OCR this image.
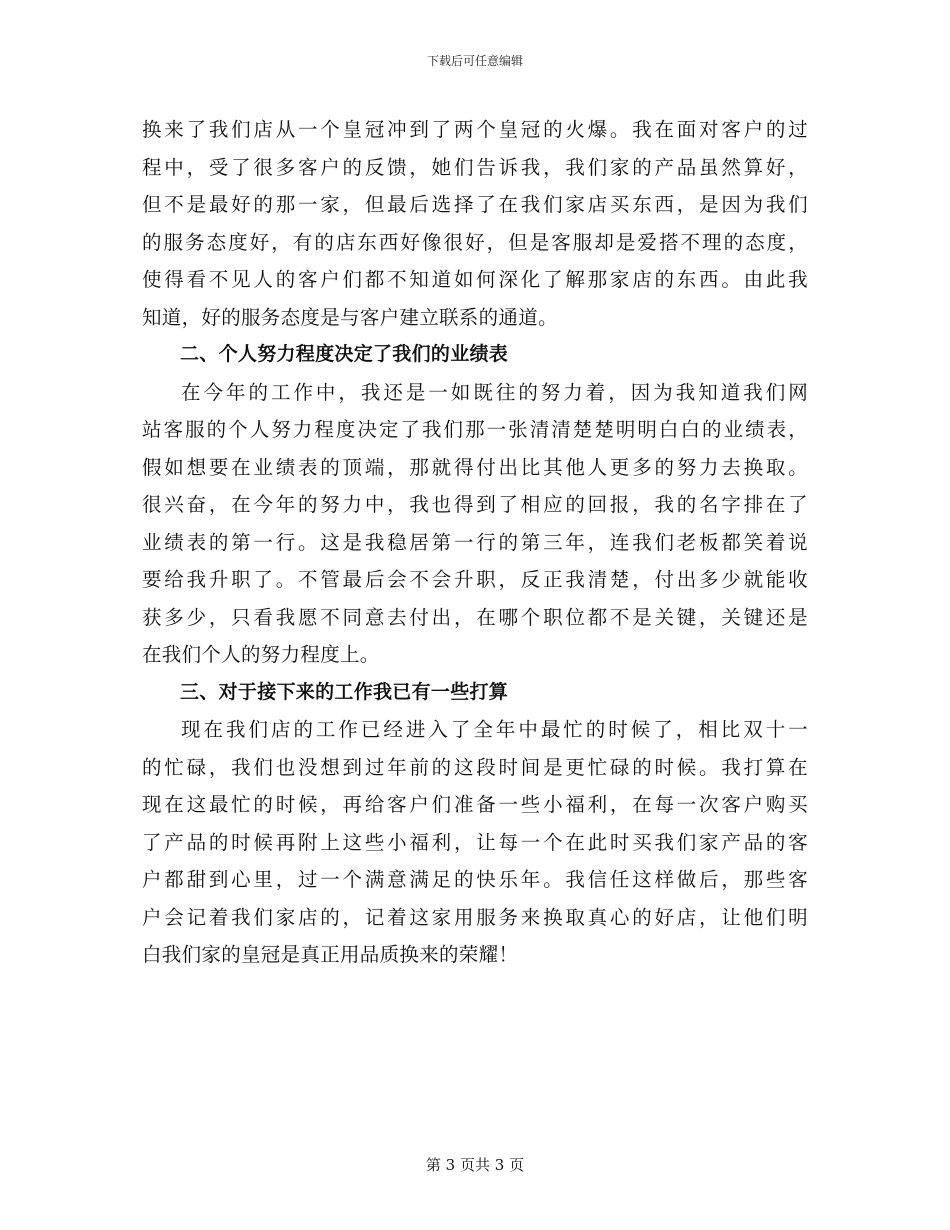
下载后可任意编辑
换来了我们店从一个皇冠冲到了两个皇冠的火爆。我在面对客户的过
程中，受了很多客户的反馈，她们告诉我，我们家的产品虽然算好，
但不是最好的那一家，但最后选择了在我们家店买东西，是因为我们
的服务态度好，有的店东西好像很好，但是客服却是爱搭不理的态度，
使得看不见人的客户们都不知道如何深化了解那家店的东西。由此我
知道，好的服务态度是与客户建立联系的通道。
二、个人努力程度决定了我们的业绩表
在今年的工作中，我还是一如既往的努力着，因为我知道我们网
站客服的个人努力程度决定了我们那一张清清楚楚明明白白的业绩表，
假如想要在业绩表的顶端，那就得付出比其他人更多的努力去换取。
很兴奋，在今年的努力中，我也得到了相应的回报，我的名字排在了
业绩表的第一行。这是我稳居第一行的第三年，连我们老板都笑着说
要给我升职了。不管最后会不会升职，反正我清楚，付出多少就能收
获多少，只看我愿不同意去付出，在哪个职位都不是关键，关键还是
在我们个人的努力程度上。
三、对于接下来的工作我已有一些打算
现在我们店的工作已经进入了全年中最忙的时候了，相比双十一
的忙碌，我们也没想到过年前的这段时间是更忙碌的时候。我打算在
现在这最忙的时候，再给客户们准备一些小福利，在每一次客户购买
了产品的时候再附上这些小福利，让每一个在此时买我们家产品的客
户都甜到心里，过一个满意满足的快乐年。我信任这样做后，那些客
户会记着我们家店的，记着这家用服务来换取真心的好店，让他们明
白我们家的皇冠是真正用品质换来的荣耀！
第 3 页共 3 页
